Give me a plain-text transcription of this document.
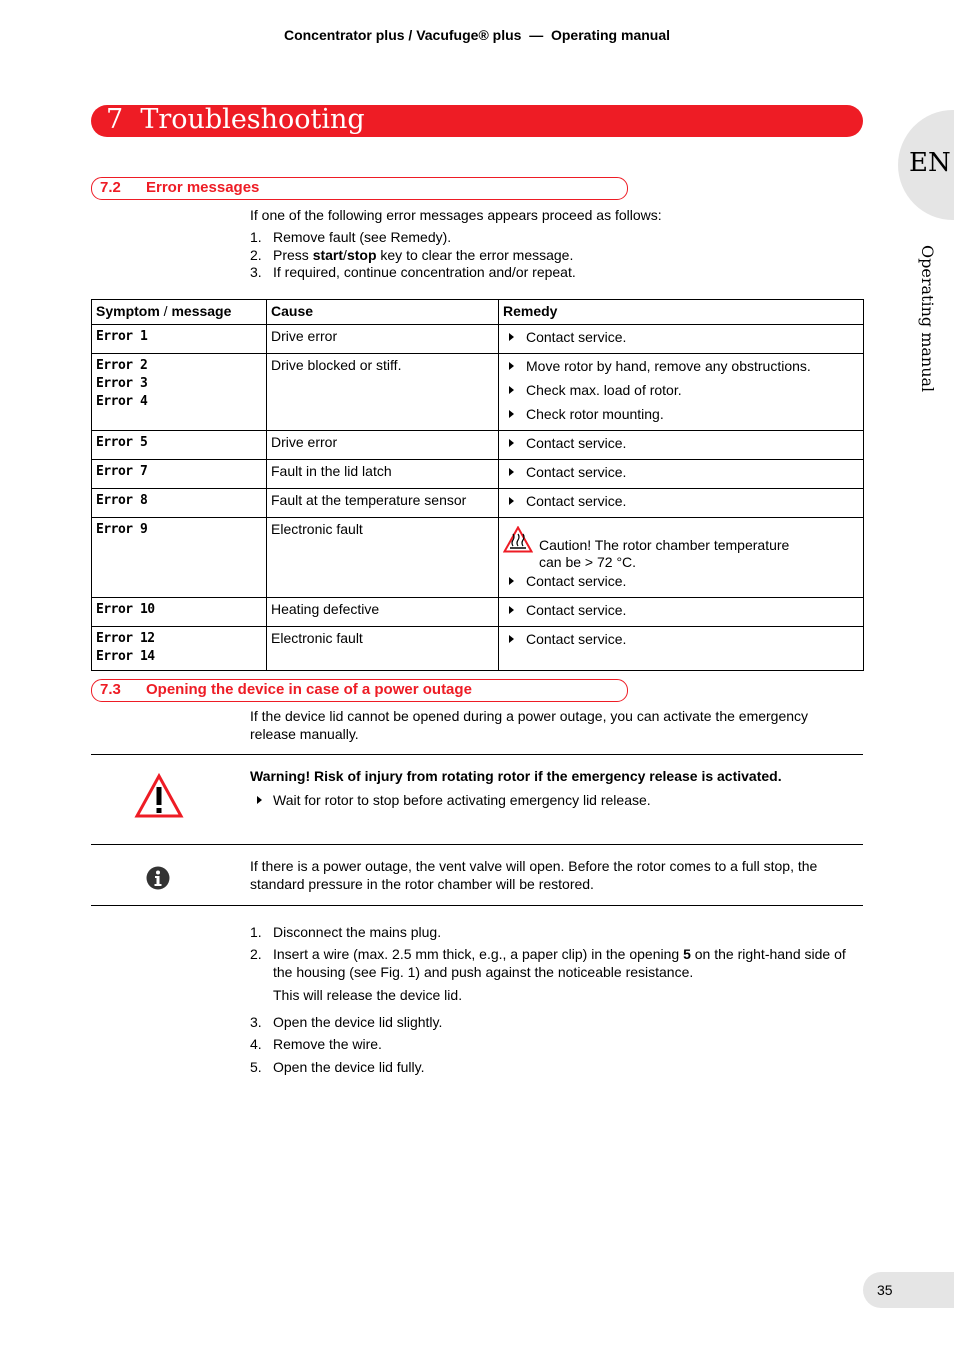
Concentrator plus / Vacufuge® plus  —  Operating manual
7  Troubleshooting
EN
Operating manual
7.2 Error messages
If one of the following error messages appears proceed as follows:
1. Remove fault (see Remedy).
2. Press start/stop key to clear the error message.
3. If required, continue concentration and/or repeat.
Symptom / message	Cause	Remedy

Error 1	Drive error	Contact service.

Error 2
Error 3
Error 4	Drive blocked or stiff.	Move rotor by hand, remove any obstructions.
Check max. load of rotor.
Check rotor mounting.

Error 5	Drive error	Contact service.

Error 7	Fault in the lid latch	Contact service.

Error 8	Fault at the temperature sensor	Contact service.

Error 9	Electronic fault	Caution! The rotor chamber temperature
can be > 72 °C.
Contact service.

Error 10	Heating defective	Contact service.

Error 12
Error 14	Electronic fault	Contact service.
7.3 Opening the device in case of a power outage
If the device lid cannot be opened during a power outage, you can activate the emergency
release manually.
Warning! Risk of injury from rotating rotor if the emergency release is activated.
Wait for rotor to stop before activating emergency lid release.
If there is a power outage, the vent valve will open. Before the rotor comes to a full stop, the
standard pressure in the rotor chamber will be restored.
1. Disconnect the mains plug.
2. Insert a wire (max. 2.5 mm thick, e.g., a paper clip) in the opening 5 on the right-hand side of
the housing (see Fig. 1) and push against the noticeable resistance.
This will release the device lid.
3. Open the device lid slightly.
4. Remove the wire.
5. Open the device lid fully.
35
